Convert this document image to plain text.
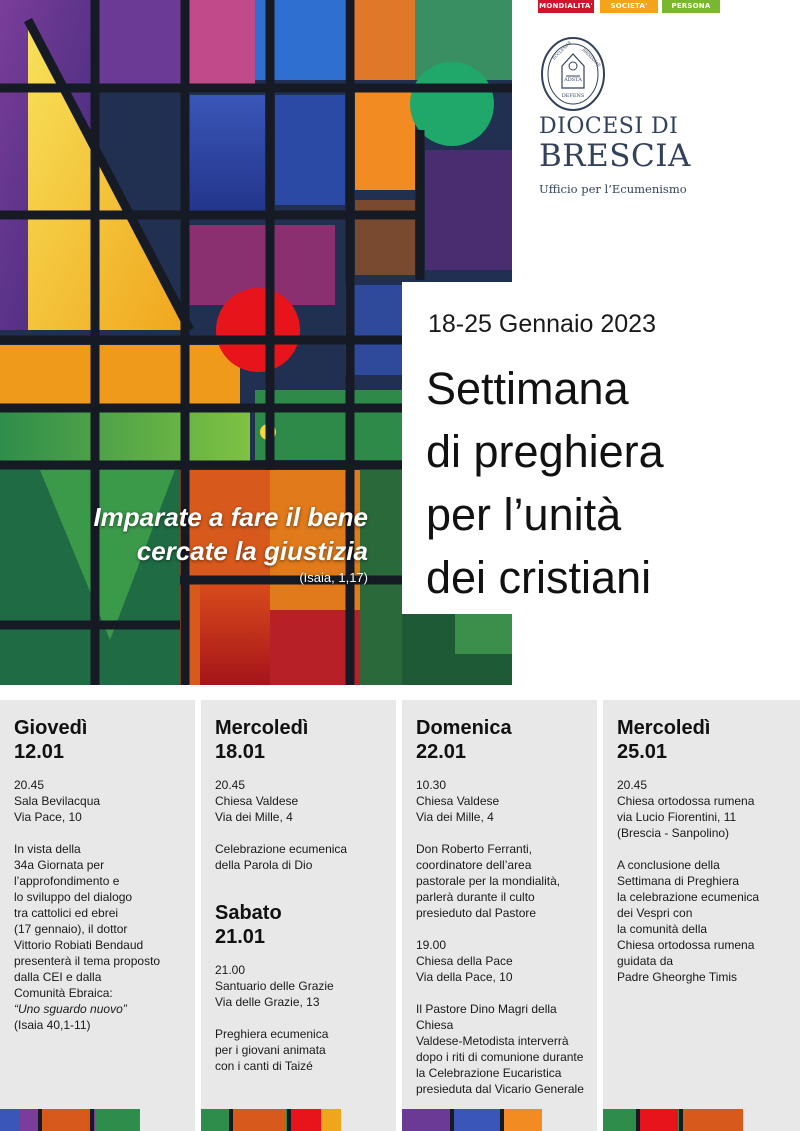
MONDIALITA'	SOCIETA'	PERSONA
ADSTA
DEFENS
ECCLESIAE BRIXIANAE
DIOCESI DI
BRESCIA
Ufficio per l’Ecumenismo
Imparate a fare il bene
cercate la giustizia
(Isaia, 1,17)
18-25 Gennaio 2023
Settimana
di preghiera
per l’unità
dei cristiani
Giovedì
12.01
20.45
Sala Bevilacqua
Via Pace, 10
In vista della
34a Giornata per
l’approfondimento e
lo sviluppo del dialogo
tra cattolici ed ebrei
(17 gennaio), il dottor
Vittorio Robiati Bendaud
presenterà il tema proposto
dalla CEI e dalla
Comunità Ebraica:
“Uno sguardo nuovo”
(Isaia 40,1-11)
Mercoledì
18.01
20.45
Chiesa Valdese
Via dei Mille, 4
Celebrazione ecumenica
della Parola di Dio
Sabato
21.01
21.00
Santuario delle Grazie
Via delle Grazie, 13
Preghiera ecumenica
per i giovani animata
con i canti di Taizé
Domenica
22.01
10.30
Chiesa Valdese
Via dei Mille, 4
Don Roberto Ferranti,
coordinatore dell’area
pastorale per la mondialità,
parlerà durante il culto
presieduto dal Pastore
19.00
Chiesa della Pace
Via della Pace, 10
Il Pastore Dino Magri della Chiesa
Valdese-Metodista interverrà
dopo i riti di comunione durante
la Celebrazione Eucaristica
presieduta dal Vicario Generale
Mercoledì
25.01
20.45
Chiesa ortodossa rumena
via Lucio Fiorentini, 11
(Brescia - Sanpolino)
A conclusione della
Settimana di Preghiera
la celebrazione ecumenica
dei Vespri con
la comunità della
Chiesa ortodossa rumena
guidata da
Padre Gheorghe Timis
